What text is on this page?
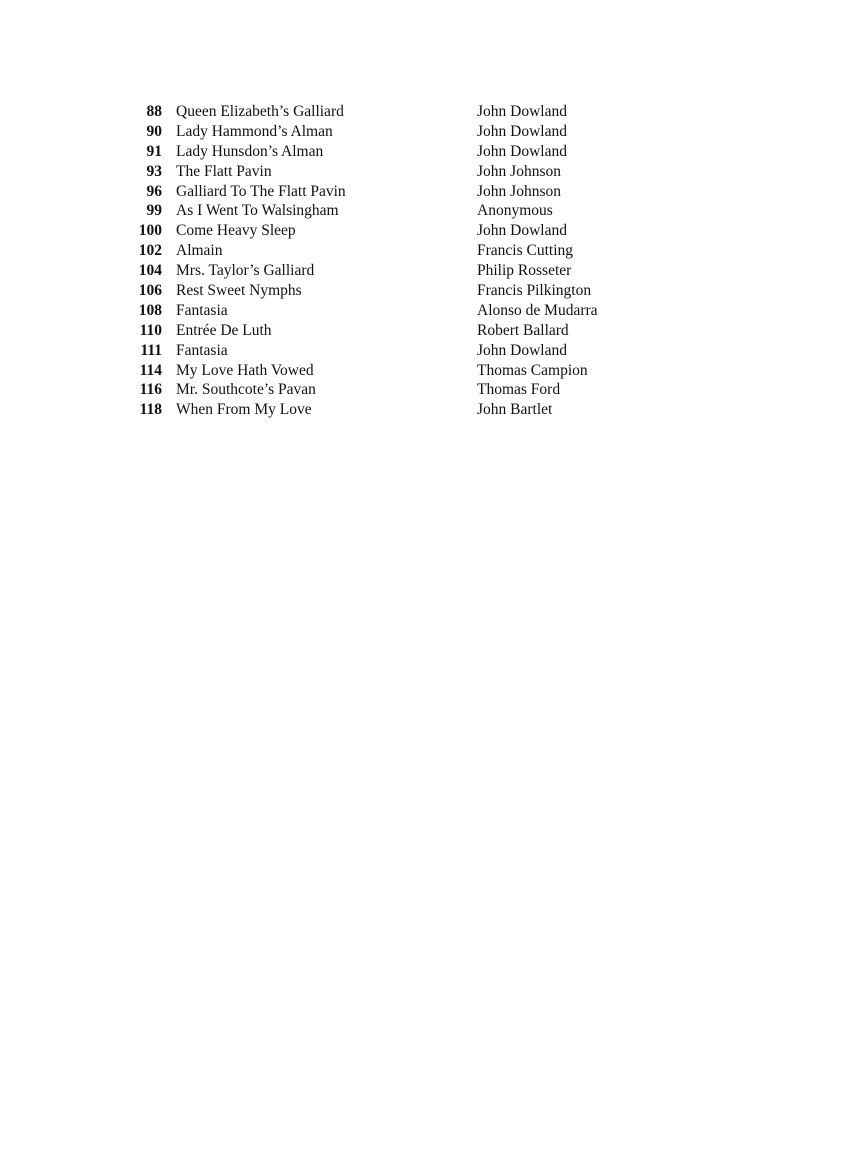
88 Queen Elizabeth’s Galliard	John Dowland
90 Lady Hammond’s Alman	John Dowland
91 Lady Hunsdon’s Alman	John Dowland
93 The Flatt Pavin	John Johnson
96 Galliard To The Flatt Pavin	John Johnson
99 As I Went To Walsingham	Anonymous
100 Come Heavy Sleep	John Dowland
102 Almain	Francis Cutting
104 Mrs. Taylor’s Galliard	Philip Rosseter
106 Rest Sweet Nymphs	Francis Pilkington
108 Fantasia	Alonso de Mudarra
110 Entrée De Luth	Robert Ballard
111 Fantasia	John Dowland
114 My Love Hath Vowed	Thomas Campion
116 Mr. Southcote’s Pavan	Thomas Ford
118 When From My Love	John Bartlet
